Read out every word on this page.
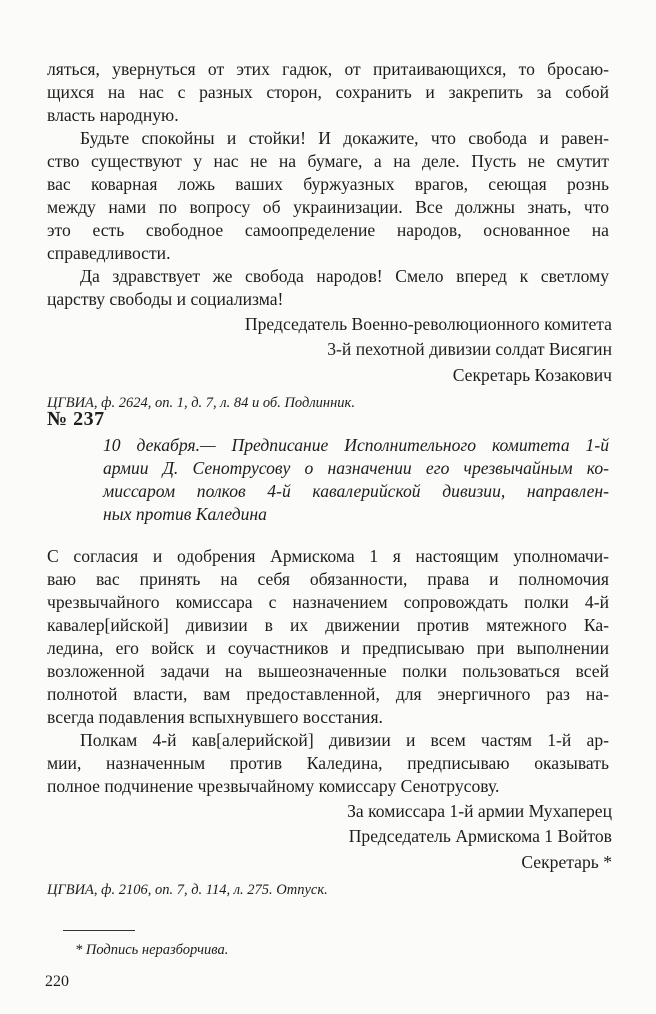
ляться, увернуться от этих гадюк, от притаивающихся, то бросаю-
щихся на нас с разных сторон, сохранить и закрепить за собой
власть народную.
Будьте спокойны и стойки! И докажите, что свобода и равен-
ство существуют у нас не на бумаге, а на деле. Пусть не смутит
вас коварная ложь ваших буржуазных врагов, сеющая рознь
между нами по вопросу об украинизации. Все должны знать, что
это есть свободное самоопределение народов, основанное на
справедливости.
Да здравствует же свобода народов! Смело вперед к светлому
царству свободы и социализма!
Председатель Военно-революционного комитета
3-й пехотной дивизии солдат Висягин
Секретарь Козакович
ЦГВИА, ф. 2624, оп. 1, д. 7, л. 84 и об. Подлинник.
№ 237
10 декабря.— Предписание Исполнительного комитета 1-й
армии Д. Сенотрусову о назначении его чрезвычайным ко-
миссаром полков 4-й кавалерийской дивизии, направлен-
ных против Каледина
С согласия и одобрения Армискома 1 я настоящим уполномачи-
ваю вас принять на себя обязанности, права и полномочия
чрезвычайного комиссара с назначением сопровождать полки 4-й
кавалер[ийской] дивизии в их движении против мятежного Ка-
ледина, его войск и соучастников и предписываю при выполнении
возложенной задачи на вышеозначенные полки пользоваться всей
полнотой власти, вам предоставленной, для энергичного раз на-
всегда подавления вспыхнувшего восстания.
Полкам 4-й кав[алерийской] дивизии и всем частям 1-й ар-
мии, назначенным против Каледина, предписываю оказывать
полное подчинение чрезвычайному комиссару Сенотрусову.
За комиссара 1-й армии Мухаперец
Председатель Армискома 1 Войтов
Секретарь *
ЦГВИА, ф. 2106, оп. 7, д. 114, л. 275. Отпуск.
* Подпись неразборчива.
220
